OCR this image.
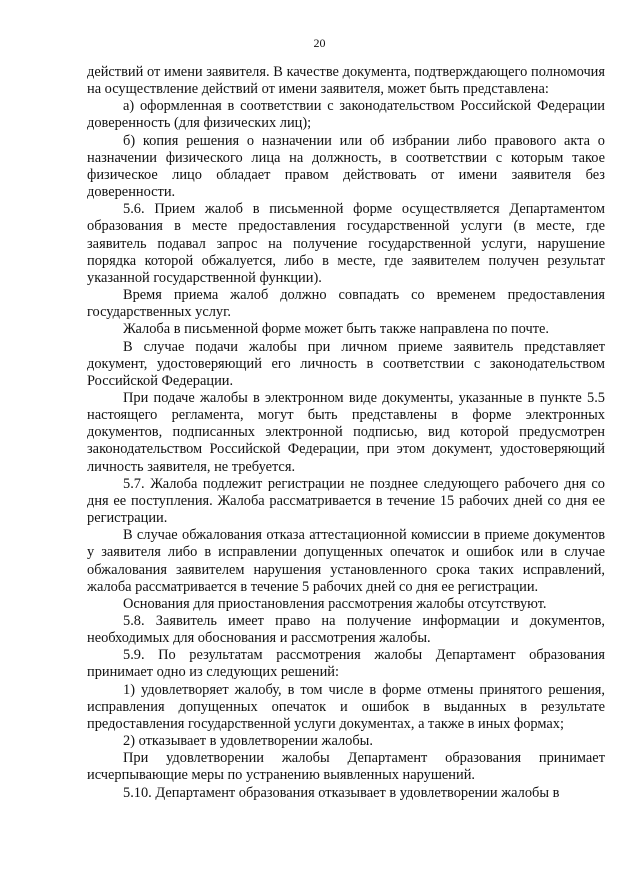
20

действий от имени заявителя. В качестве документа, подтверждающего полномочия на осуществление действий от имени заявителя, может быть представлена:

а) оформленная в соответствии с законодательством Российской Федерации доверенность (для физических лиц);

б) копия решения о назначении или об избрании либо правового акта о назначении физического лица на должность, в соответствии с которым такое физическое лицо обладает правом действовать от имени заявителя без доверенности.

5.6. Прием жалоб в письменной форме осуществляется Департаментом образования в месте предоставления государственной услуги (в месте, где заявитель подавал запрос на получение государственной услуги, нарушение порядка которой обжалуется, либо в месте, где заявителем получен результат указанной государственной функции).

Время приема жалоб должно совпадать со временем предоставления государственных услуг.

Жалоба в письменной форме может быть также направлена по почте.

В случае подачи жалобы при личном приеме заявитель представляет документ, удостоверяющий его личность в соответствии с законодательством Российской Федерации.

При подаче жалобы в электронном виде документы, указанные в пункте 5.5 настоящего регламента, могут быть представлены в форме электронных документов, подписанных электронной подписью, вид которой предусмотрен законодательством Российской Федерации, при этом документ, удостоверяющий личность заявителя, не требуется.

5.7. Жалоба подлежит регистрации не позднее следующего рабочего дня со дня ее поступления. Жалоба рассматривается в течение 15 рабочих дней со дня ее регистрации.

В случае обжалования отказа аттестационной комиссии в приеме документов у заявителя либо в исправлении допущенных опечаток и ошибок или в случае обжалования заявителем нарушения установленного срока таких исправлений, жалоба рассматривается в течение 5 рабочих дней со дня ее регистрации.

Основания для приостановления рассмотрения жалобы отсутствуют.

5.8. Заявитель имеет право на получение информации и документов, необходимых для обоснования и рассмотрения жалобы.

5.9. По результатам рассмотрения жалобы Департамент образования принимает одно из следующих решений:

1) удовлетворяет жалобу, в том числе в форме отмены принятого решения, исправления допущенных опечаток и ошибок в выданных в результате предоставления государственной услуги документах, а также в иных формах;

2) отказывает в удовлетворении жалобы.

При удовлетворении жалобы Департамент образования принимает исчерпывающие меры по устранению выявленных нарушений.

5.10. Департамент образования отказывает в удовлетворении жалобы в
